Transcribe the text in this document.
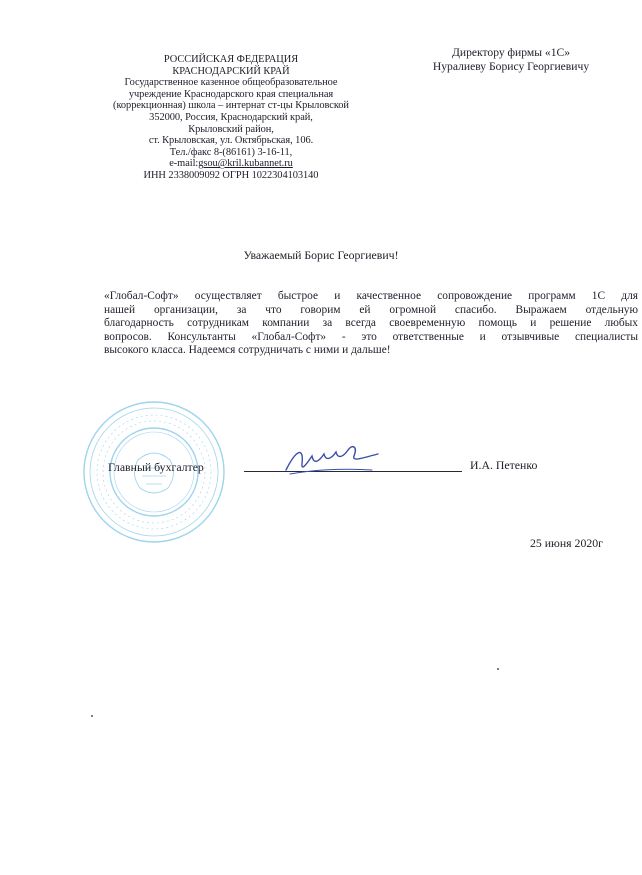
РОССИЙСКАЯ ФЕДЕРАЦИЯ
КРАСНОДАРСКИЙ КРАЙ
Государственное казенное общеобразовательное
учреждение Краснодарского края специальная
(коррекционная) школа – интернат ст-цы Крыловской
352000, Россия, Краснодарский край,
Крыловский район,
ст. Крыловская, ул. Октябрьская, 106.
Тел./факс 8-(86161) 3-16-11,
e-mail:gsou@kril.kubannet.ru
ИНН 2338009092 ОГРН 1022304103140
Директору фирмы «1С»
Нуралиеву Борису Георгиевичу
Уважаемый Борис Георгиевич!
«Глобал-Софт» осуществляет быстрое и качественное сопровождение программ 1С для
нашей организации, за что говорим ей огромной спасибо. Выражаем отдельную
благодарность сотрудникам компании за всегда своевременную помощь и решение любых
вопросов. Консультанты «Глобал-Софт» - это ответственные и отзывчивые специалисты
высокого класса. Надеемся сотрудничать с ними и дальше!
Главный бухгалтер	И.А. Петенко
25 июня 2020г
